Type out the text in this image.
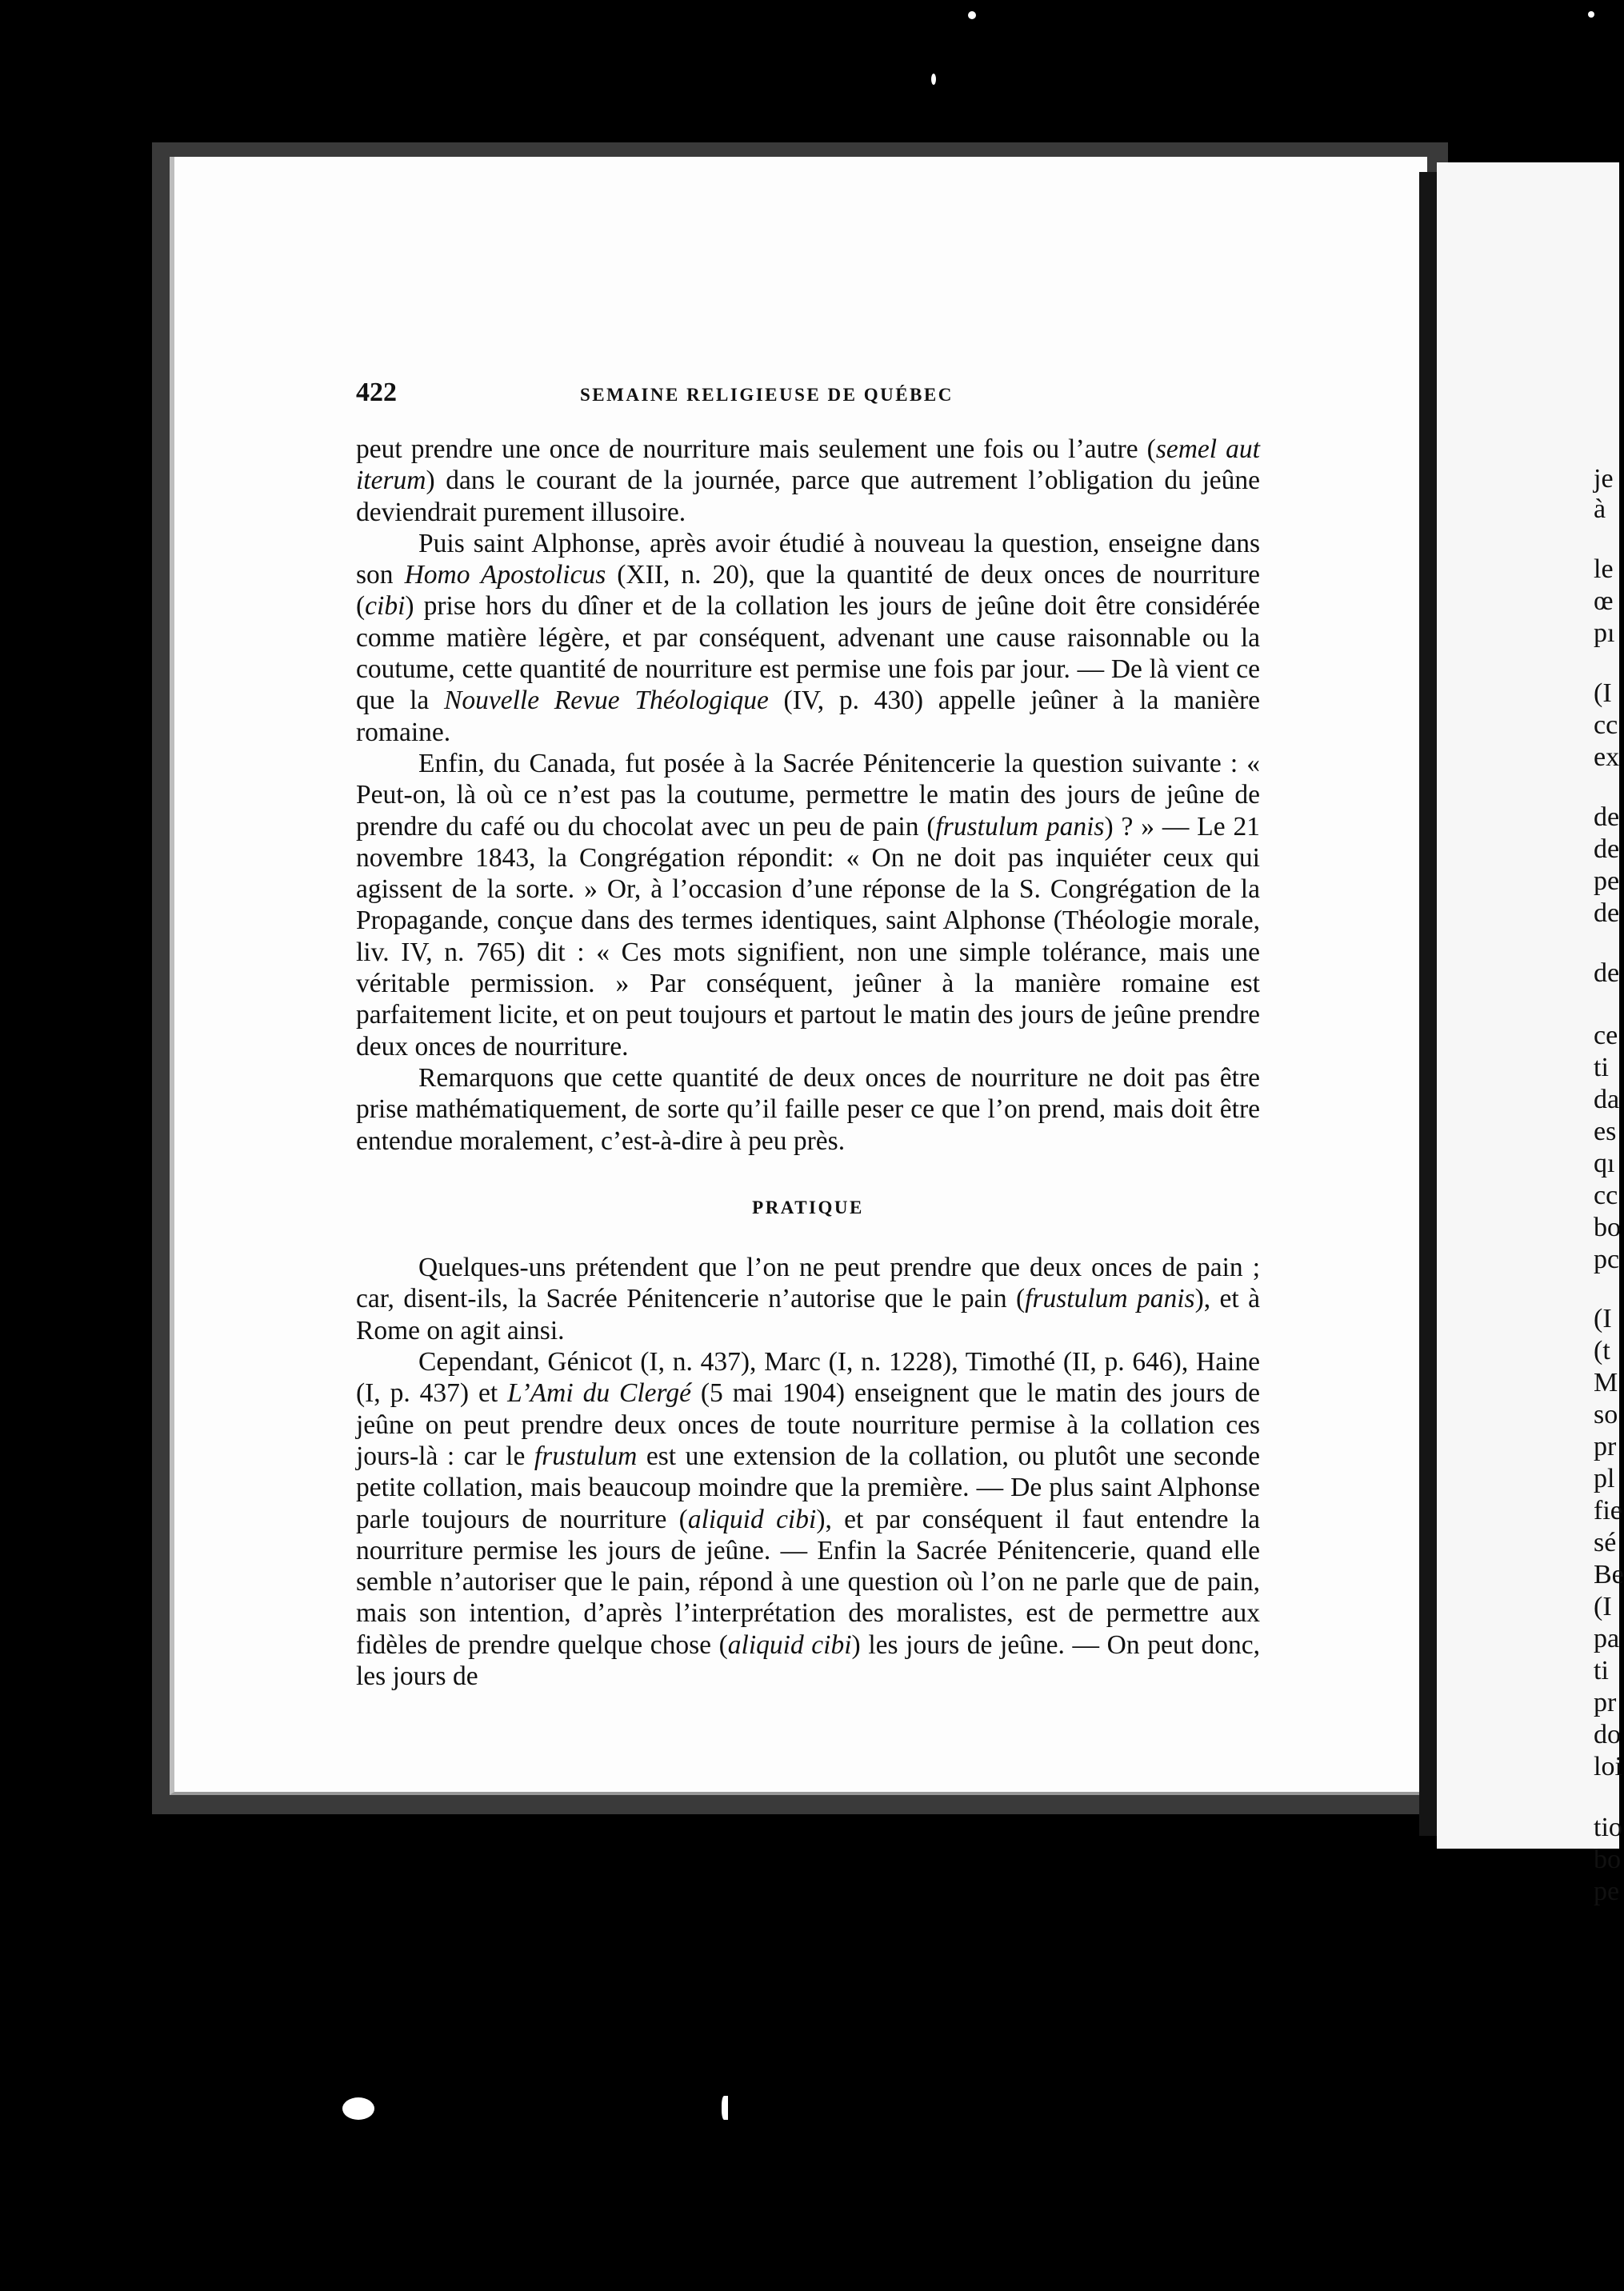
je
à
le
œ
pı
(I
cc
ex
de
de
pe
de
de
ce
ti
da
es
qı
cc
bo
pc
(I
(t
M
so
pr
pl
fie
sé
Be
(I
pa
ti
pr
do
loi
tio
bo
pe
422	SEMAINE RELIGIEUSE DE QUÉBEC

peut prendre une once de nourriture mais seulement une fois ou l’autre (semel aut iterum) dans le courant de la journée, parce que autrement l’obligation du jeûne deviendrait purement illusoire.

Puis saint Alphonse, après avoir étudié à nouveau la question, enseigne dans son Homo Apostolicus (XII, n. 20), que la quantité de deux onces de nourriture (cibi) prise hors du dîner et de la collation les jours de jeûne doit être considérée comme matière légère, et par conséquent, advenant une cause raisonnable ou la coutume, cette quantité de nourriture est permise une fois par jour. — De là vient ce que la Nouvelle Revue Théologique (IV, p. 430) appelle jeûner à la manière romaine.

Enfin, du Canada, fut posée à la Sacrée Pénitencerie la question suivante : « Peut-on, là où ce n’est pas la coutume, permettre le matin des jours de jeûne de prendre du café ou du chocolat avec un peu de pain (frustulum panis) ? » — Le 21 novembre 1843, la Congrégation répondit: « On ne doit pas inquiéter ceux qui agissent de la sorte. » Or, à l’occasion d’une réponse de la S. Congrégation de la Propagande, conçue dans des termes identiques, saint Alphonse (Théologie morale, liv. IV, n. 765) dit : « Ces mots signifient, non une simple tolérance, mais une véritable permission. » Par conséquent, jeûner à la manière romaine est parfaitement licite, et on peut toujours et partout le matin des jours de jeûne prendre deux onces de nourriture.

Remarquons que cette quantité de deux onces de nourriture ne doit pas être prise mathématiquement, de sorte qu’il faille peser ce que l’on prend, mais doit être entendue moralement, c’est-à-dire à peu près.

PRATIQUE

Quelques-uns prétendent que l’on ne peut prendre que deux onces de pain ; car, disent-ils, la Sacrée Pénitencerie n’autorise que le pain (frustulum panis), et à Rome on agit ainsi.

Cependant, Génicot (I, n. 437), Marc (I, n. 1228), Timothé (II, p. 646), Haine (I, p. 437) et L’Ami du Clergé (5 mai 1904) enseignent que le matin des jours de jeûne on peut prendre deux onces de toute nourriture permise à la collation ces jours-là : car le frustulum est une extension de la collation, ou plutôt une seconde petite collation, mais beaucoup moindre que la première. — De plus saint Alphonse parle toujours de nourriture (aliquid cibi), et par conséquent il faut entendre la nourriture permise les jours de jeûne. — Enfin la Sacrée Pénitencerie, quand elle semble n’autoriser que le pain, répond à une question où l’on ne parle que de pain, mais son intention, d’après l’interprétation des moralistes, est de permettre aux fidèles de prendre quelque chose (aliquid cibi) les jours de jeûne. — On peut donc, les jours de
